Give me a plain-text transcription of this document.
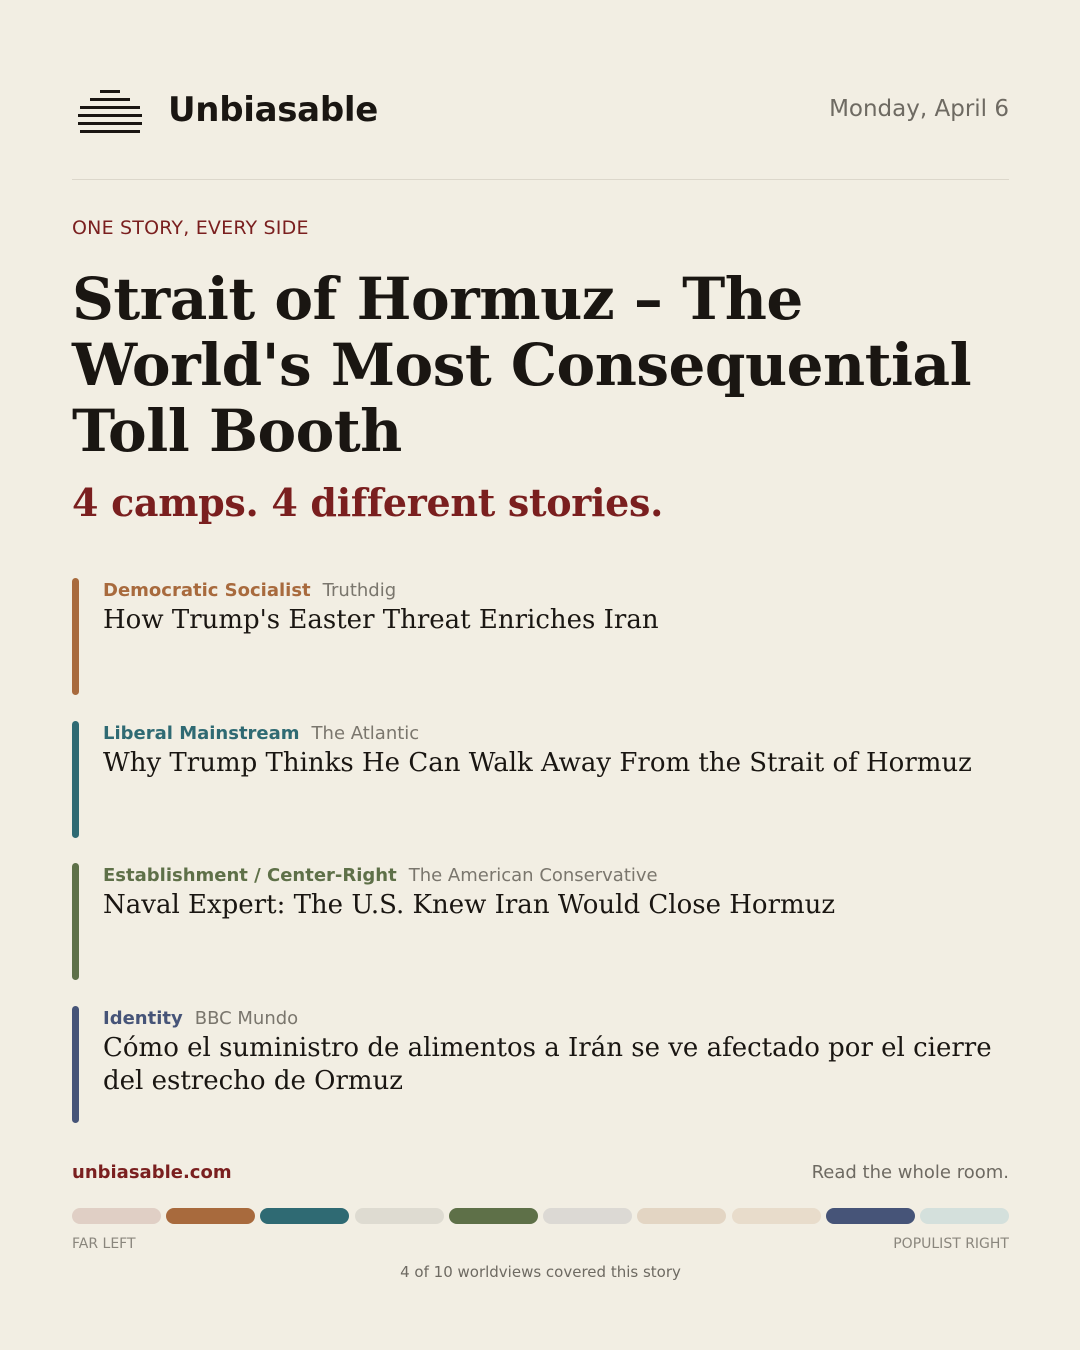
Unbiasable	Monday, April 6
ONE STORY, EVERY SIDE
Strait of Hormuz – The World's Most Consequential Toll Booth
4 camps. 4 different stories.
Democratic Socialist Truthdig
How Trump's Easter Threat Enriches Iran
Liberal Mainstream The Atlantic
Why Trump Thinks He Can Walk Away From the Strait of Hormuz
Establishment / Center-Right The American Conservative
Naval Expert: The U.S. Knew Iran Would Close Hormuz
Identity BBC Mundo
Cómo el suministro de alimentos a Irán se ve afectado por el cierre del estrecho de Ormuz
unbiasable.com	Read the whole room.
FAR LEFT	POPULIST RIGHT
4 of 10 worldviews covered this story
